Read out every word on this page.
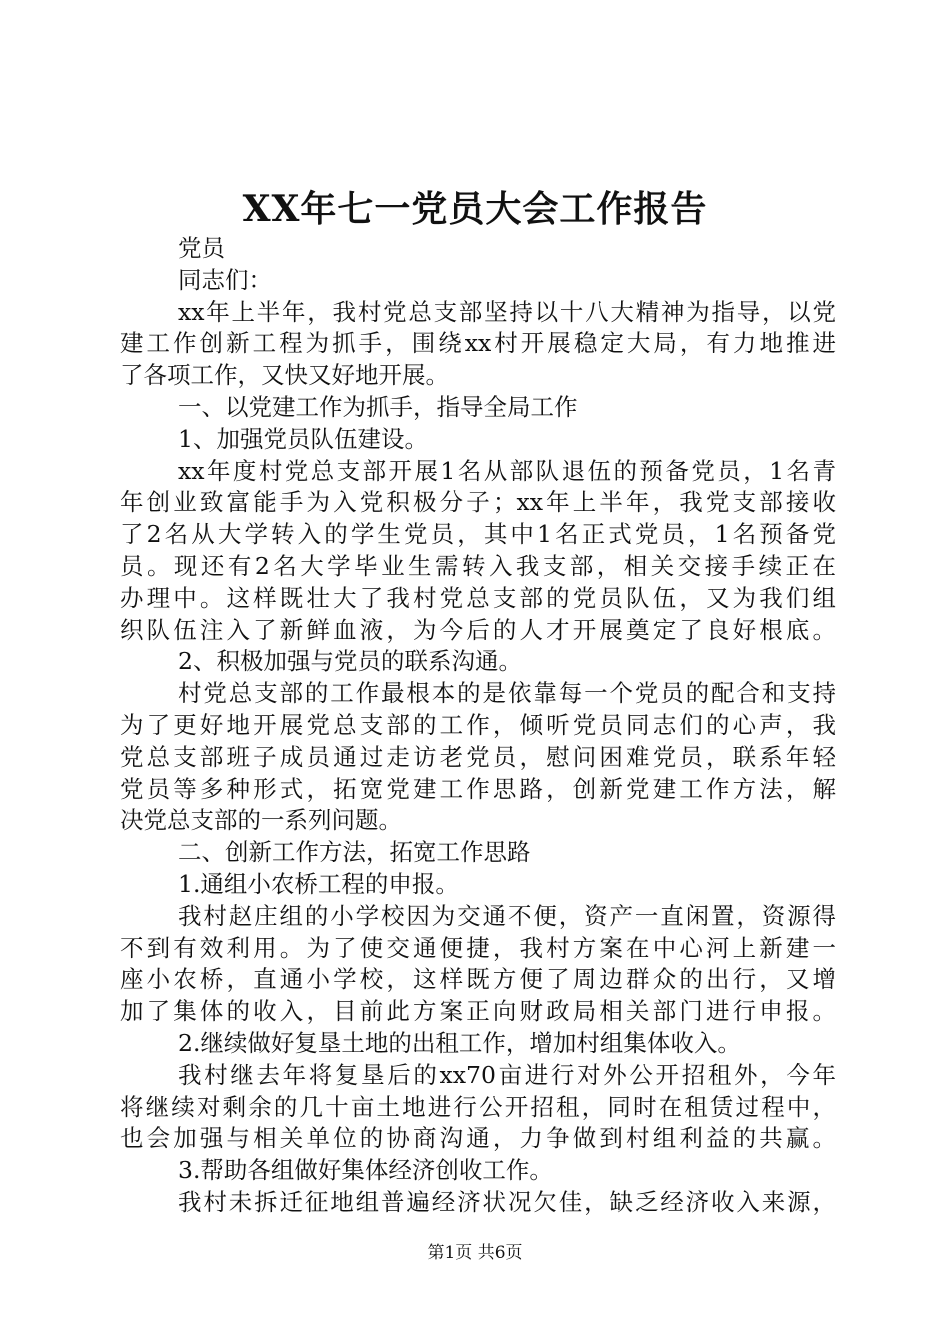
XX年七一党员大会工作报告
党员
同志们：
xx年上半年，我村党总支部坚持以十八大精神为指导，以党
建工作创新工程为抓手，围绕xx村开展稳定大局，有力地推进
了各项工作，又快又好地开展。
一、以党建工作为抓手，指导全局工作
1、加强党员队伍建设。
xx年度村党总支部开展1名从部队退伍的预备党员，1名青
年创业致富能手为入党积极分子；xx年上半年，我党支部接收
了2名从大学转入的学生党员，其中1名正式党员，1名预备党
员。现还有2名大学毕业生需转入我支部，相关交接手续正在
办理中。这样既壮大了我村党总支部的党员队伍，又为我们组
织队伍注入了新鲜血液，为今后的人才开展奠定了良好根底。
2、积极加强与党员的联系沟通。
村党总支部的工作最根本的是依靠每一个党员的配合和支持
为了更好地开展党总支部的工作，倾听党员同志们的心声，我
党总支部班子成员通过走访老党员，慰问困难党员，联系年轻
党员等多种形式，拓宽党建工作思路，创新党建工作方法，解
决党总支部的一系列问题。
二、创新工作方法，拓宽工作思路
1.通组小农桥工程的申报。
我村赵庄组的小学校因为交通不便，资产一直闲置，资源得
不到有效利用。为了使交通便捷，我村方案在中心河上新建一
座小农桥，直通小学校，这样既方便了周边群众的出行，又增
加了集体的收入，目前此方案正向财政局相关部门进行申报。
2.继续做好复垦土地的出租工作，增加村组集体收入。
我村继去年将复垦后的xx70亩进行对外公开招租外，今年
将继续对剩余的几十亩土地进行公开招租，同时在租赁过程中，
也会加强与相关单位的协商沟通，力争做到村组利益的共赢。
3.帮助各组做好集体经济创收工作。
我村未拆迁征地组普遍经济状况欠佳，缺乏经济收入来源，
第1页 共6页
